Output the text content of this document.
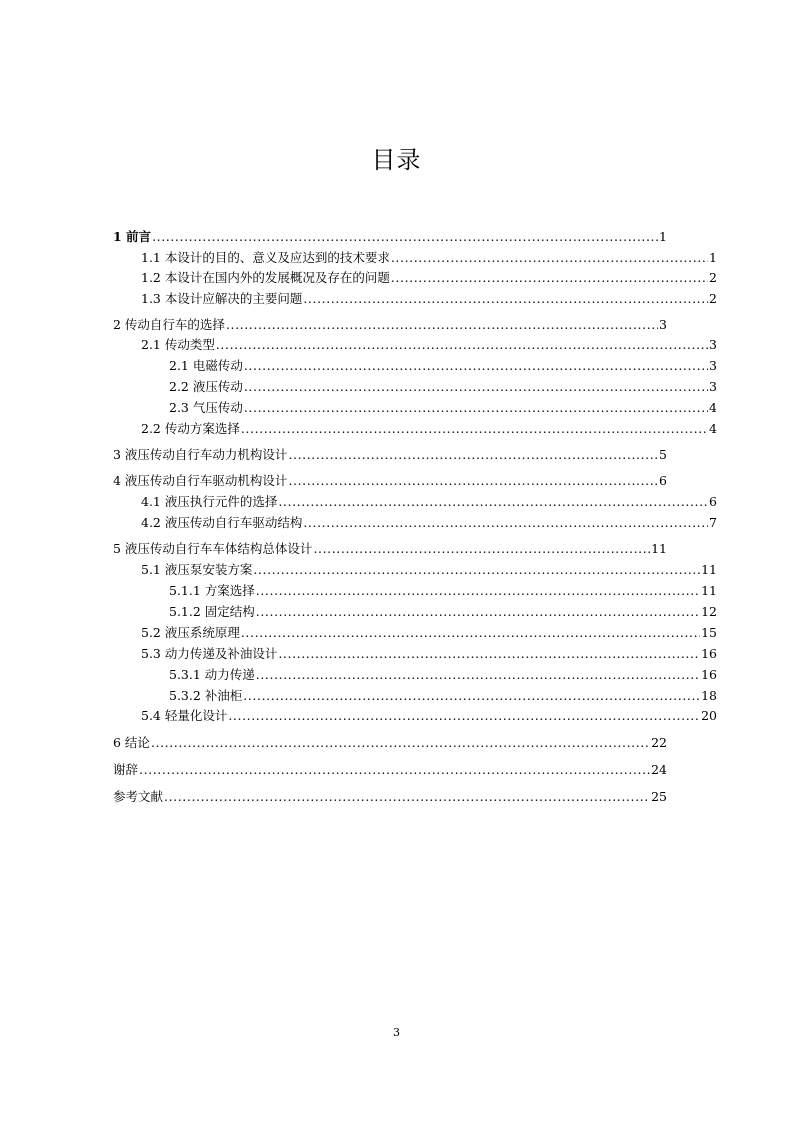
目录
1 前言 .....	1
1.1 本设计的目的、意义及应达到的技术要求 .....	1
1.2 本设计在国内外的发展概况及存在的问题 .....	2
1.3 本设计应解决的主要问题 .....	2
2 传动自行车的选择 .....	3
2.1 传动类型 .....	3
2.1 电磁传动 .....	3
2.2 液压传动 .....	3
2.3 气压传动 .....	4
2.2 传动方案选择 .....	4
3 液压传动自行车动力机构设计 .....	5
4 液压传动自行车驱动机构设计 .....	6
4.1 液压执行元件的选择 .....	6
4.2 液压传动自行车驱动结构 .....	7
5 液压传动自行车车体结构总体设计 .....	11
5.1 液压泵安装方案 .....	11
5.1.1 方案选择 .....	11
5.1.2 固定结构 .....	12
5.2 液压系统原理 .....	15
5.3 动力传递及补油设计 .....	16
5.3.1 动力传递 .....	16
5.3.2 补油柜 .....	18
5.4 轻量化设计 .....	20
6 结论 .....	22
谢辞 .....	24
参考文献 .....	25
3
